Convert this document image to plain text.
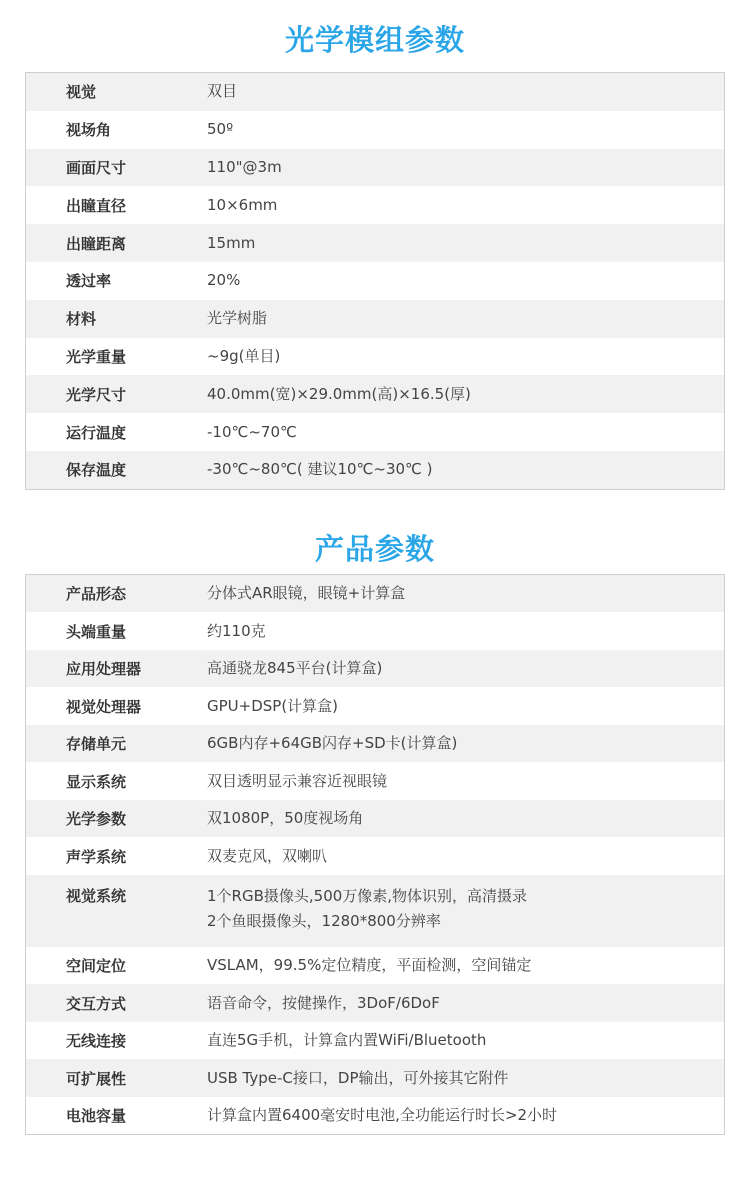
光学模组参数
视觉	双目
视场角	50º
画面尺寸	110"@3m
出瞳直径	10×6mm
出瞳距离	15mm
透过率	20%
材料	光学树脂
光学重量	~9g(单目)
光学尺寸	40.0mm(宽)×29.0mm(高)×16.5(厚)
运行温度	-10℃~70℃
保存温度	-30℃~80℃( 建议10℃~30℃ )
产品参数
产品形态	分体式AR眼镜，眼镜+计算盒
头端重量	约110克
应用处理器	高通骁龙845平台(计算盒)
视觉处理器	GPU+DSP(计算盒)
存储单元	6GB内存+64GB闪存+SD卡(计算盒)
显示系统	双目透明显示兼容近视眼镜
光学参数	双1080P，50度视场角
声学系统	双麦克风，双喇叭
视觉系统	1个RGB摄像头,500万像素,物体识别，高清摄录
2个鱼眼摄像头，1280*800分辨率
空间定位	VSLAM，99.5%定位精度，平面检测，空间锚定
交互方式	语音命令，按健操作，3DoF/6DoF
无线连接	直连5G手机，计算盒内置WiFi/Bluetooth
可扩展性	USB Type-C接口，DP输出，可外接其它附件
电池容量	计算盒内置6400毫安时电池,全功能运行时长>2小时
